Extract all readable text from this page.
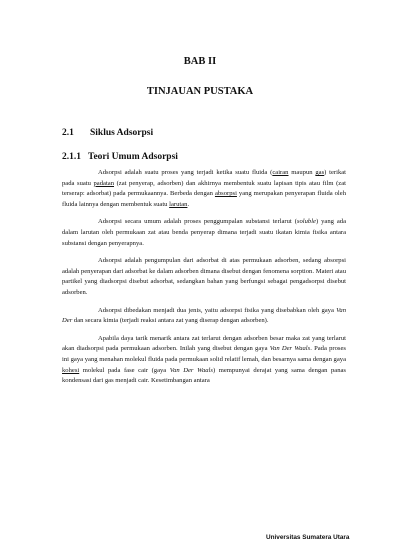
BAB II
TINJAUAN PUSTAKA
2.1 Siklus Adsorpsi
2.1.1 Teori Umum Adsorpsi

Adsorpsi adalah suatu proses yang terjadi ketika suatu fluida (cairan maupun gas) terikat pada suatu padatan (zat penyerap, adsorben) dan akhirnya membentuk suatu lapisan tipis atau film (zat terserap: adsorbat) pada permukaannya. Berbeda dengan absorpsi yang merupakan penyerapan fluida oleh fluida lainnya dengan membentuk suatu larutan.

Adsorpsi secara umum adalah proses penggumpalan substansi terlarut (soluble) yang ada dalam larutan oleh permukaan zat atau benda penyerap dimana terjadi suatu ikatan kimia fisika antara substansi dengan penyerapnya.

Adsorpsi adalah pengumpulan dari adsorbat di atas permukaan adsorben, sedang absorpsi adalah penyerapan dari adsorbat ke dalam adsorben dimana disebut dengan fenomena sorption. Materi atau partikel yang diadsorpsi disebut adsorbat, sedangkan bahan yang berfungsi sebagai pengadsorpsi disebut adsorben.

Adsorpsi dibedakan menjadi dua jenis, yaitu adsorpsi fisika yang disebabkan oleh gaya Van Der dan secara kimia (terjadi reaksi antara zat yang diserap dengan adsorben).

Apabila daya tarik menarik antara zat terlarut dengan adsorben besar maka zat yang terlarut akan diadsorpsi pada permukaan adsorben. Inilah yang disebut dengan gaya Van Der Waals. Pada proses ini gaya yang menahan molekul fluida pada permukaan solid relatif lemah, dan besarnya sama dengan gaya kohesi molekul pada fase cair (gaya Van Der Waals) mempunyai derajat yang sama dengan panas kondensasi dari gas menjadi cair. Kesetimbangan antara

Universitas Sumatera Utara
